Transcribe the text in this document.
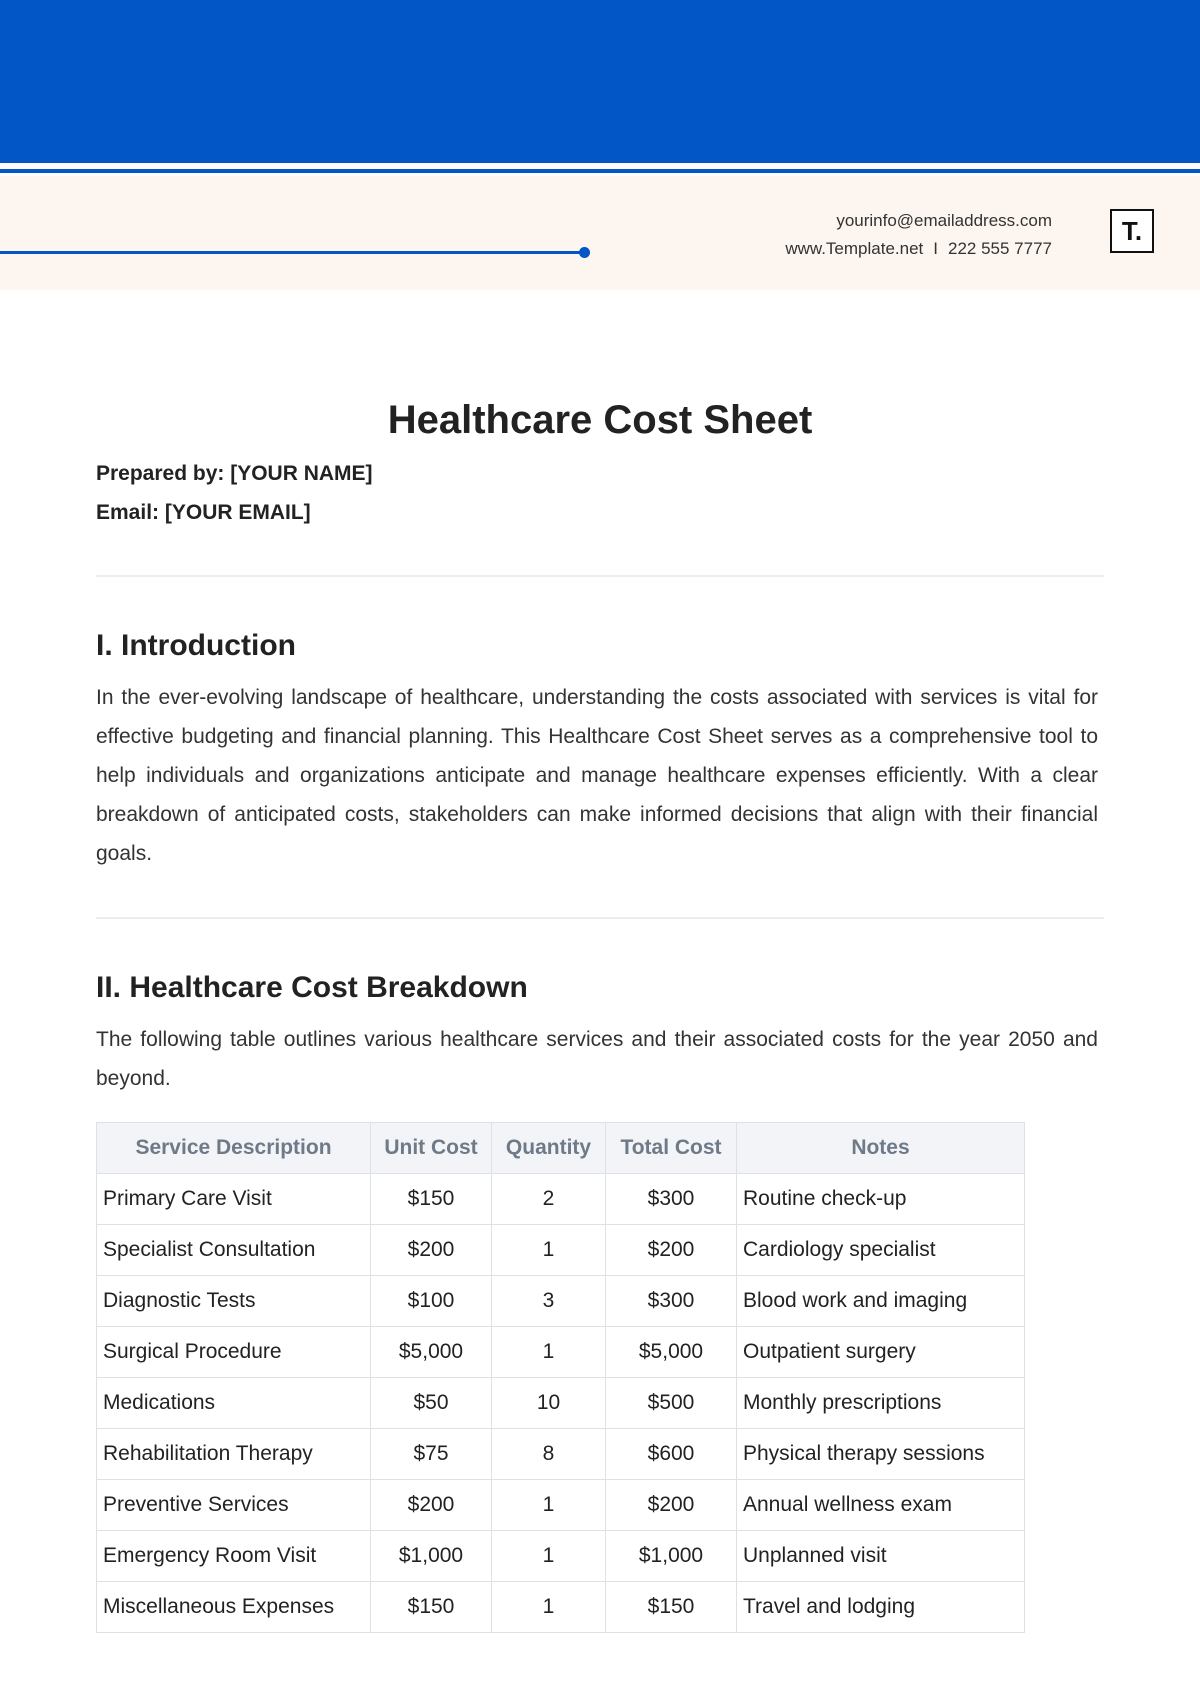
yourinfo@emailaddress.com
www.Template.net I 222 555 7777
T.
Healthcare Cost Sheet
Prepared by: [YOUR NAME]
Email: [YOUR EMAIL]
I. Introduction

In the ever-evolving landscape of healthcare, understanding the costs associated with services is vital for effective budgeting and financial planning. This Healthcare Cost Sheet serves as a comprehensive tool to help individuals and organizations anticipate and manage healthcare expenses efficiently. With a clear breakdown of anticipated costs, stakeholders can make informed decisions that align with their financial goals.

II. Healthcare Cost Breakdown

The following table outlines various healthcare services and their associated costs for the year 2050 and beyond.

Service Description	Unit Cost	Quantity	Total Cost	Notes
Primary Care Visit	$150	2	$300	Routine check-up
Specialist Consultation	$200	1	$200	Cardiology specialist
Diagnostic Tests	$100	3	$300	Blood work and imaging
Surgical Procedure	$5,000	1	$5,000	Outpatient surgery
Medications	$50	10	$500	Monthly prescriptions
Rehabilitation Therapy	$75	8	$600	Physical therapy sessions
Preventive Services	$200	1	$200	Annual wellness exam
Emergency Room Visit	$1,000	1	$1,000	Unplanned visit
Miscellaneous Expenses	$150	1	$150	Travel and lodging
